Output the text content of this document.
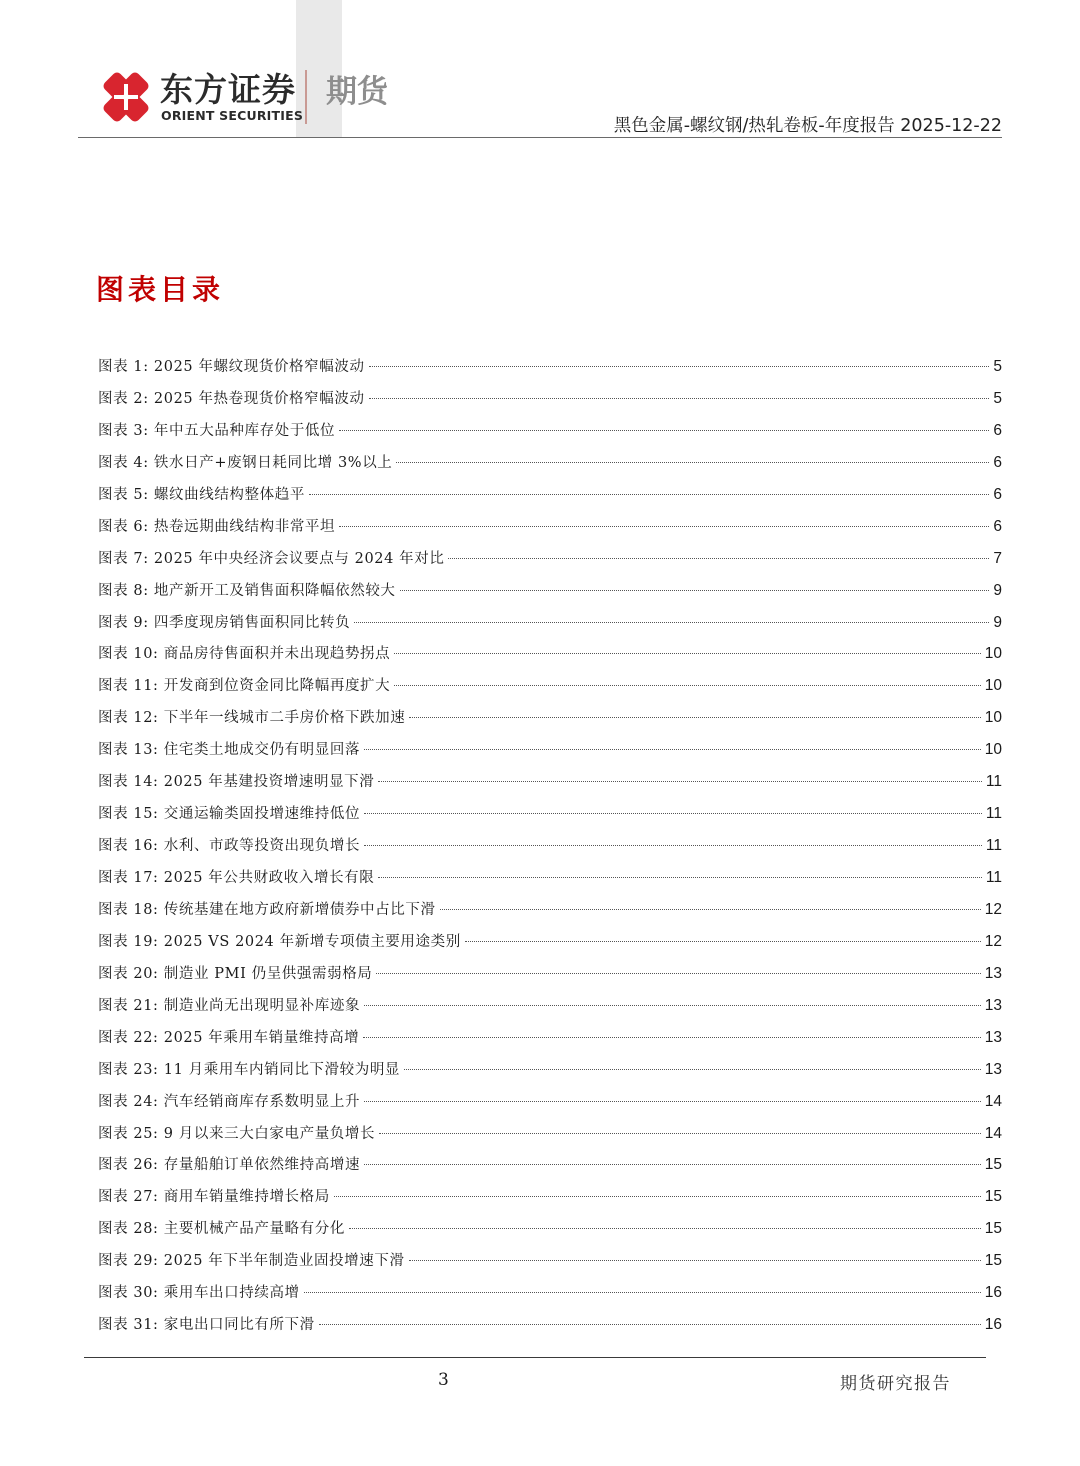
东方证券
ORIENT SECURITIES
期货
黑色金属-螺纹钢/热轧卷板-年度报告 2025-12-22
图表目录
图表 1: 2025 年螺纹现货价格窄幅波动	5
图表 2: 2025 年热卷现货价格窄幅波动	5
图表 3: 年中五大品种库存处于低位	6
图表 4: 铁水日产+废钢日耗同比增 3%以上	6
图表 5: 螺纹曲线结构整体趋平	6
图表 6: 热卷远期曲线结构非常平坦	6
图表 7: 2025 年中央经济会议要点与 2024 年对比	7
图表 8: 地产新开工及销售面积降幅依然较大	9
图表 9: 四季度现房销售面积同比转负	9
图表 10: 商品房待售面积并未出现趋势拐点	10
图表 11: 开发商到位资金同比降幅再度扩大	10
图表 12: 下半年一线城市二手房价格下跌加速	10
图表 13: 住宅类土地成交仍有明显回落	10
图表 14: 2025 年基建投资增速明显下滑	11
图表 15: 交通运输类固投增速维持低位	11
图表 16: 水利、市政等投资出现负增长	11
图表 17: 2025 年公共财政收入增长有限	11
图表 18: 传统基建在地方政府新增债券中占比下滑	12
图表 19: 2025 VS 2024 年新增专项债主要用途类别	12
图表 20: 制造业 PMI 仍呈供强需弱格局	13
图表 21: 制造业尚无出现明显补库迹象	13
图表 22: 2025 年乘用车销量维持高增	13
图表 23: 11 月乘用车内销同比下滑较为明显	13
图表 24: 汽车经销商库存系数明显上升	14
图表 25: 9 月以来三大白家电产量负增长	14
图表 26: 存量船舶订单依然维持高增速	15
图表 27: 商用车销量维持增长格局	15
图表 28: 主要机械产品产量略有分化	15
图表 29: 2025 年下半年制造业固投增速下滑	15
图表 30: 乘用车出口持续高增	16
图表 31: 家电出口同比有所下滑	16
3	期货研究报告
